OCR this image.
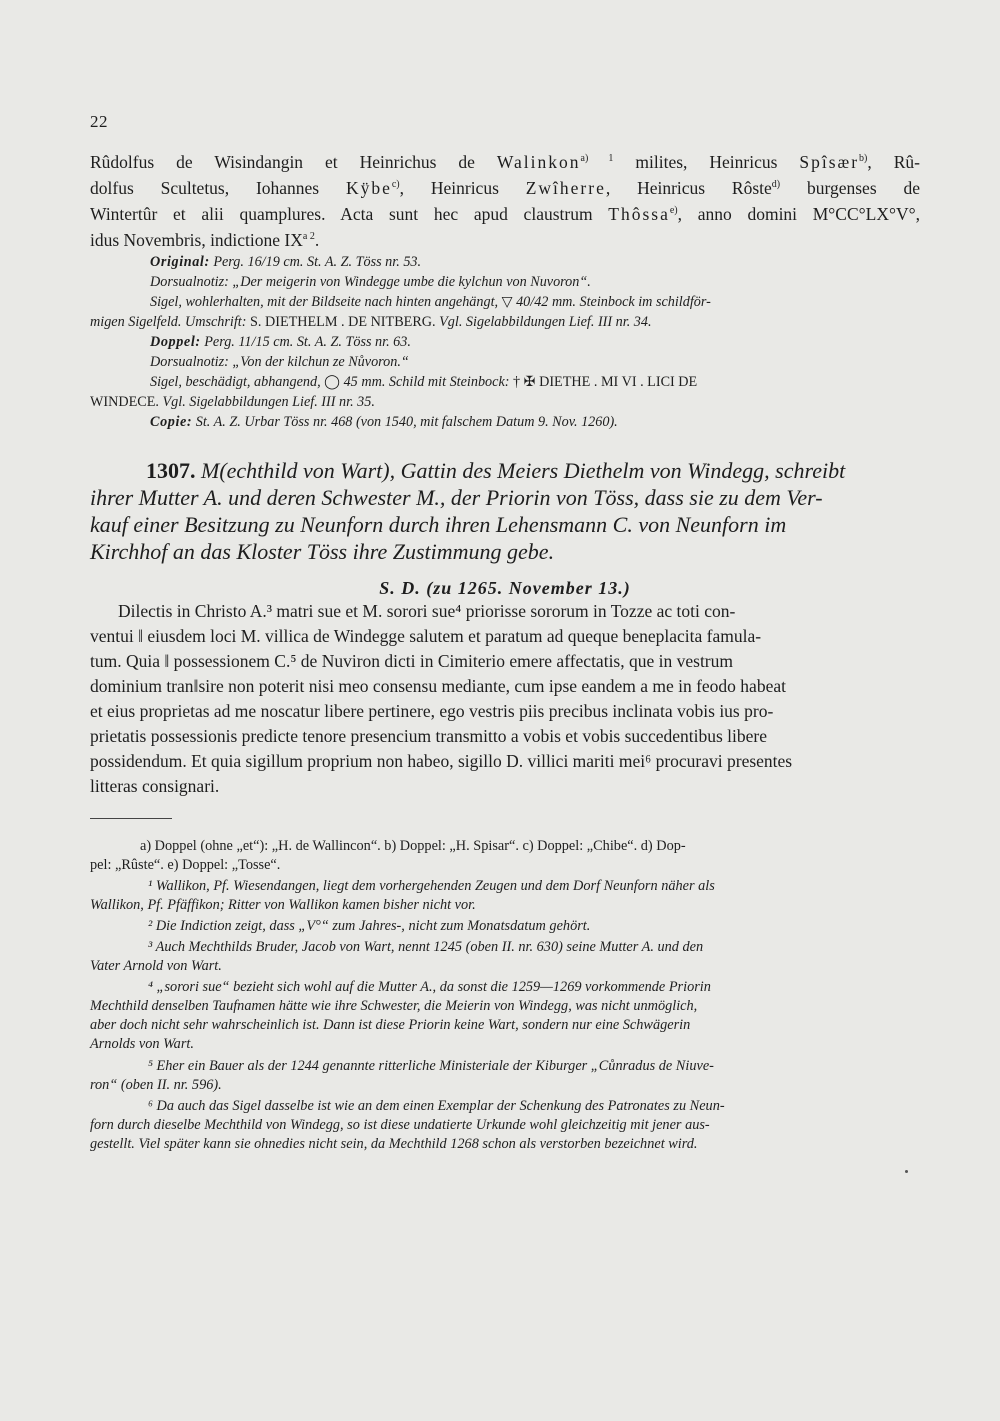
22
Rûdolfus de Wisindangin et Heinrichus de Walinkon$^{a)}$ $^1$ milites, Heinricus Spîsær$^{b)}$, Rû-
dolfus Scultetus, Iohannes Kÿbe$^{c)}$, Heinricus Zwîherre, Heinricus Rôste$^{d)}$ burgenses de
Wintertûr et alii quamplures. Acta sunt hec apud claustrum Thôssa$^{e)}$, anno domini M°CC°LX°V°,
idus Novembris, indictione $IX^a$ $^2$.
Original: Perg. 16/19 cm. St. A. Z. Töss nr. 53.
Dorsualnotiz: „Der meigerin von Windegge umbe die kylchun von Nuvoron“.
Sigel, wohlerhalten, mit der Bildseite nach hinten angehängt, ▽ 40/42 mm. Steinbock im schildför-
migen Sigelfeld. Umschrift: S. DIETHELM . DE NITBERG. Vgl. Sigelabbildungen Lief. III nr. 34.
Doppel: Perg. 11/15 cm. St. A. Z. Töss nr. 63.
Dorsualnotiz: „Von der kilchun ze Nůvoron.“
Sigel, beschädigt, abhangend, ◯ 45 mm. Schild mit Steinbock: † ✠ DIETHE . MI VI . LICI DE
WINDECE. Vgl. Sigelabbildungen Lief. III nr. 35.
Copie: St. A. Z. Urbar Töss nr. 468 (von 1540, mit falschem Datum 9. Nov. 1260).
1307. M(echthild von Wart), Gattin des Meiers Diethelm von Windegg, schreibt
ihrer Mutter A. und deren Schwester M., der Priorin von Töss, dass sie zu dem Ver-
kauf einer Besitzung zu Neunforn durch ihren Lehensmann C. von Neunforn im
Kirchhof an das Kloster Töss ihre Zustimmung gebe.
S. D. (zu 1265. November 13.)
Dilectis in Christo A.³ matri sue et M. sorori sue⁴ priorisse sororum in Tozze ac toti con-
ventui ‖ eiusdem loci M. villica de Windegge salutem et paratum ad queque beneplacita famula-
tum. Quia ‖ possessionem C.⁵ de Nuviron dicti in Cimiterio emere affectatis, que in vestrum
dominium tran‖sire non poterit nisi meo consensu mediante, cum ipse eandem a me in feodo habeat
et eius proprietas ad me noscatur libere pertinere, ego vestris piis precibus inclinata vobis ius pro-
prietatis possessionis predicte tenore presencium transmitto a vobis et vobis succedentibus libere
possidendum. Et quia sigillum proprium non habeo, sigillo D. villici mariti mei⁶ procuravi presentes
litteras consignari.
a) Doppel (ohne „et“): „H. de Wallincon“. b) Doppel: „H. Spisar“. c) Doppel: „Chibe“. d) Dop-
pel: „Rûste“. e) Doppel: „Tosse“.
¹ Wallikon, Pf. Wiesendangen, liegt dem vorhergehenden Zeugen und dem Dorf Neunforn näher als
Wallikon, Pf. Pfäffikon; Ritter von Wallikon kamen bisher nicht vor.
² Die Indiction zeigt, dass „V°“ zum Jahres-, nicht zum Monatsdatum gehört.
³ Auch Mechthilds Bruder, Jacob von Wart, nennt 1245 (oben II. nr. 630) seine Mutter A. und den
Vater Arnold von Wart.
⁴ „sorori sue“ bezieht sich wohl auf die Mutter A., da sonst die 1259—1269 vorkommende Priorin
Mechthild denselben Taufnamen hätte wie ihre Schwester, die Meierin von Windegg, was nicht unmöglich,
aber doch nicht sehr wahrscheinlich ist. Dann ist diese Priorin keine Wart, sondern nur eine Schwägerin
Arnolds von Wart.
⁵ Eher ein Bauer als der 1244 genannte ritterliche Ministeriale der Kiburger „Cůnradus de Niuve-
ron“ (oben II. nr. 596).
⁶ Da auch das Sigel dasselbe ist wie an dem einen Exemplar der Schenkung des Patronates zu Neun-
forn durch dieselbe Mechthild von Windegg, so ist diese undatierte Urkunde wohl gleichzeitig mit jener aus-
gestellt. Viel später kann sie ohnedies nicht sein, da Mechthild 1268 schon als verstorben bezeichnet wird.
